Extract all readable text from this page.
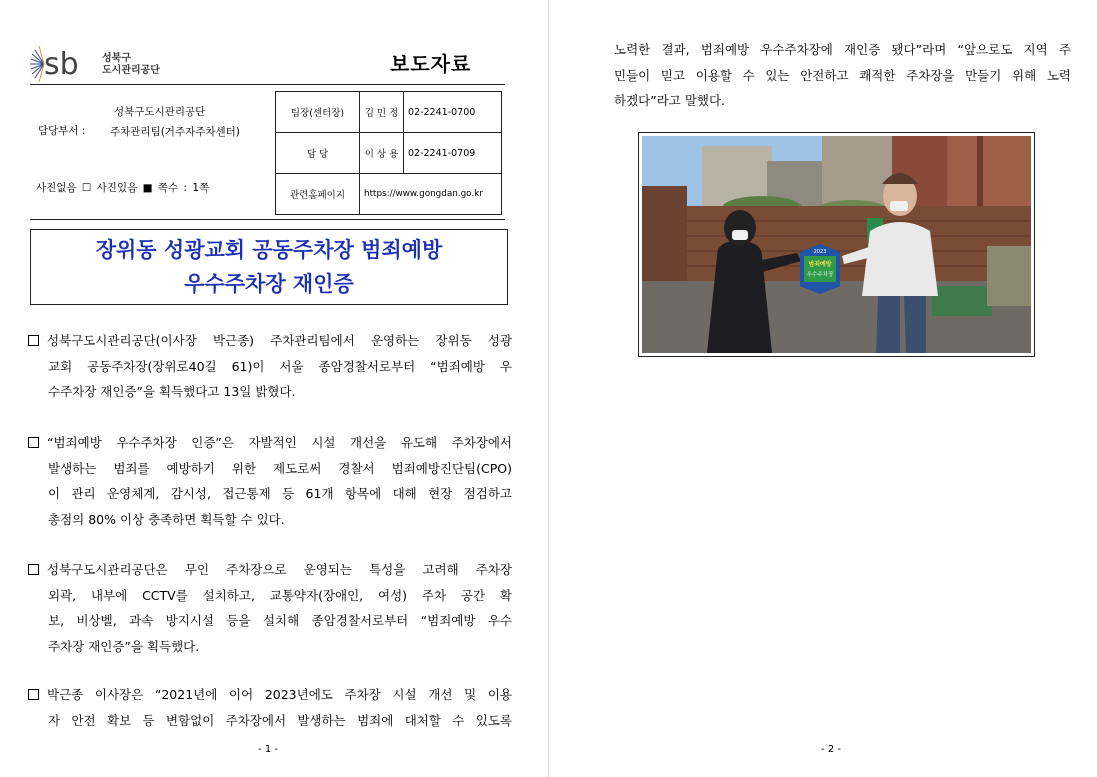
sb 성북구
도시관리공단	보도자료
성북구도시관리공단
담당부서 : 주차관리팀(거주자주차센터)
사진없음 ☐ 사진있음 ■ 쪽수 : 1쪽
팀장(센터장)	김 민 정	02-2241-0700
담 당	이 상 용	02-2241-0709
관련홈페이지	https://www.gongdan.go.kr	
장위동 성광교회 공동주차장 범죄예방
우수주차장 재인증
성북구도시관리공단(이사장 박근종) 주차관리팀에서 운영하는 장위동 성광
교회 공동주차장(장위로40길 61)이 서울 종암경찰서로부터 “범죄예방 우
수주차장 재인증”을 획득했다고 13일 밝혔다.
“범죄예방 우수주차장 인증”은 자발적인 시설 개선을 유도해 주차장에서
발생하는 범죄를 예방하기 위한 제도로써 경찰서 범죄예방진단팀(CPO)
이 관리 운영체계, 감시성, 접근통제 등 61개 항목에 대해 현장 점검하고
총점의 80% 이상 충족하면 획득할 수 있다.
성북구도시관리공단은 무인 주차장으로 운영되는 특성을 고려해 주차장
외곽, 내부에 CCTV를 설치하고, 교통약자(장애인, 여성) 주차 공간 확
보, 비상벨, 과속 방지시설 등을 설치해 종암경찰서로부터 “범죄예방 우수
주차장 재인증”을 획득했다.
박근종 이사장은 “2021년에 이어 2023년에도 주차장 시설 개선 및 이용
자 안전 확보 등 변함없이 주차장에서 발생하는 범죄에 대처할 수 있도록
- 1 -
노력한 결과, 범죄예방 우수주차장에 재인증 됐다”라며 “앞으로도 지역 주
민들이 믿고 이용할 수 있는 안전하고 쾌적한 주차장을 만들기 위해 노력
하겠다”라고 말했다.
2023
범죄예방
우수주차장
- 2 -
